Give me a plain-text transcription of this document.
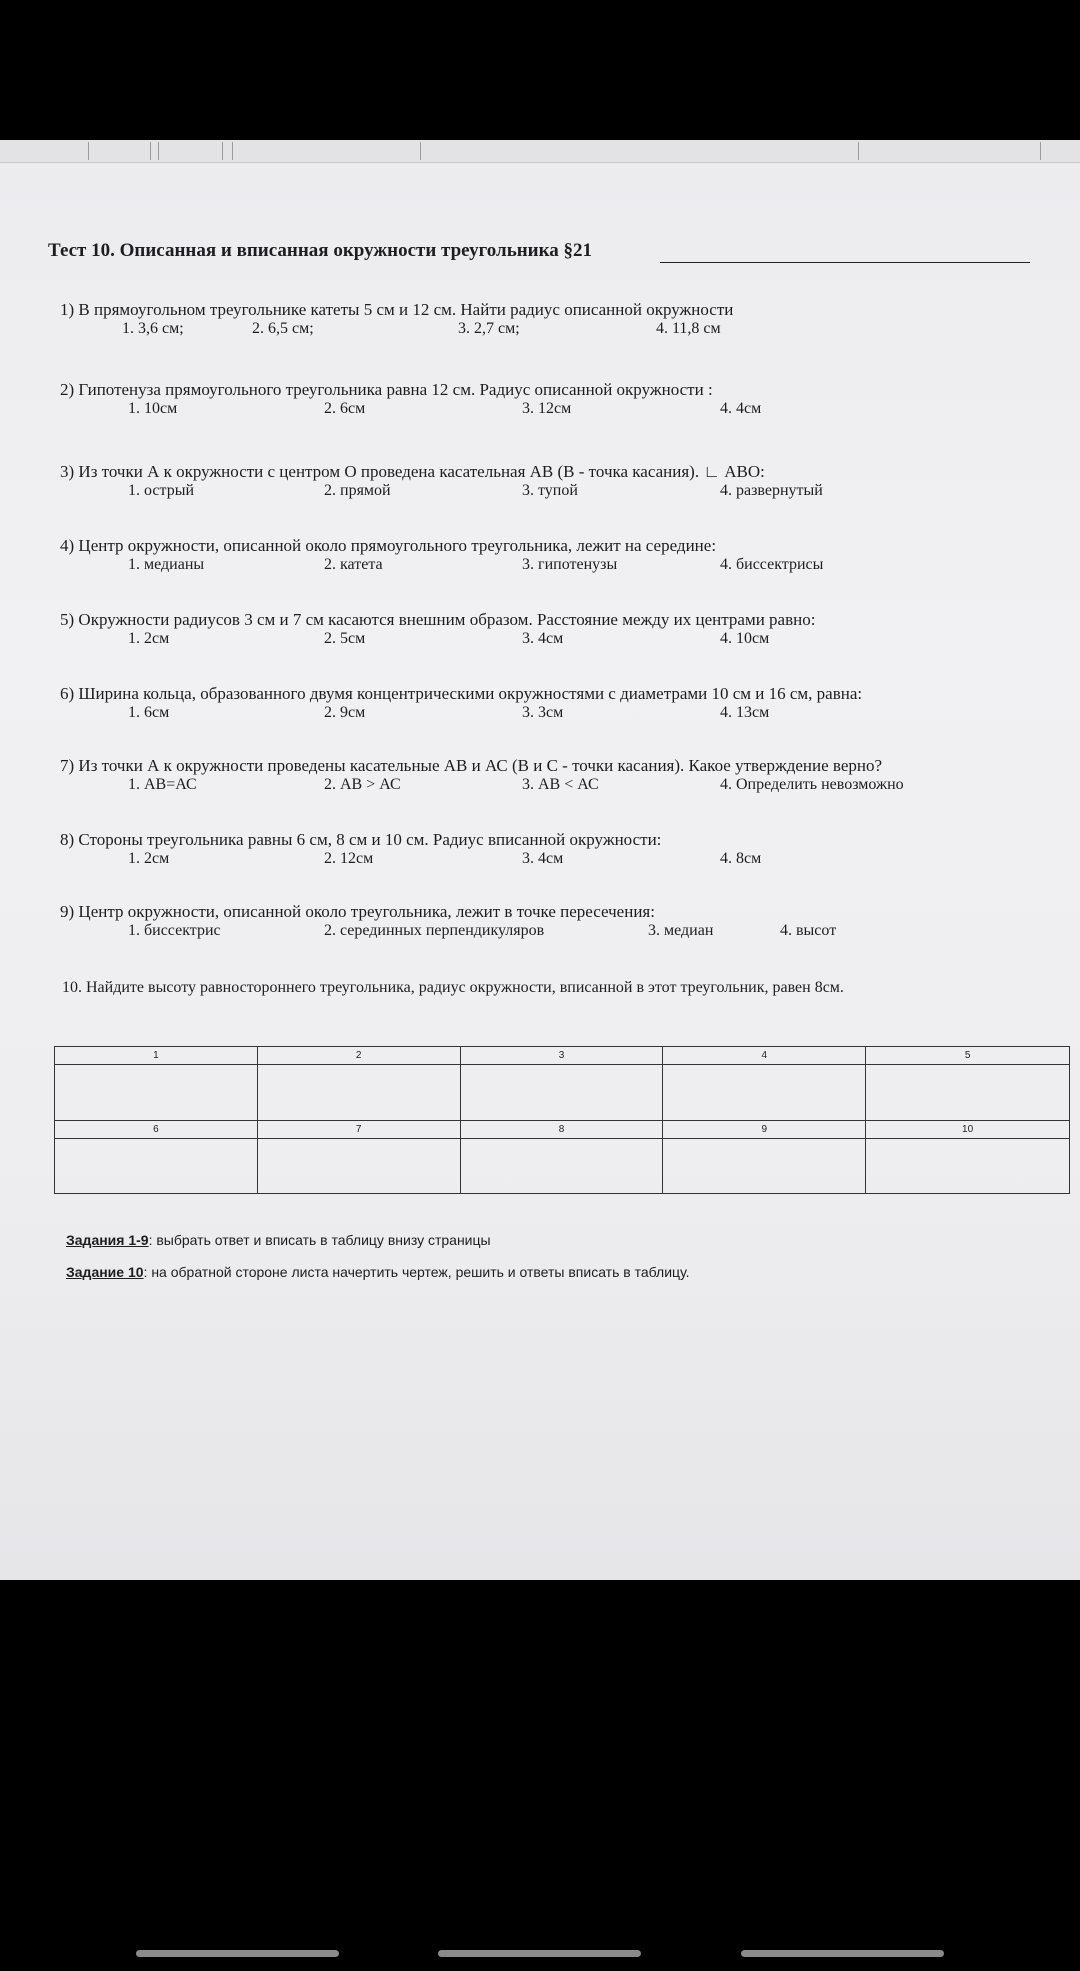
Тест 10. Описанная и вписанная окружности треугольника §21
1) В прямоугольном треугольнике катеты 5 см и 12 см. Найти радиус описанной окружности
1. 3,6 см;	2. 6,5 см;	3. 2,7 см;	4. 11,8 см
2) Гипотенуза прямоугольного треугольника равна 12 см. Радиус описанной окружности :
1. 10см	2. 6см	3. 12см	4. 4см
3) Из точки А к окружности с центром О проведена касательная АВ (В - точка касания). ∟ АВО:
1. острый	2. прямой	3. тупой	4. развернутый
4) Центр окружности, описанной около прямоугольного треугольника, лежит на середине:
1. медианы	2. катета	3. гипотенузы	4. биссектрисы
5) Окружности радиусов 3 см и 7 см касаются внешним образом. Расстояние между их центрами равно:
1. 2см	2. 5см	3. 4см	4. 10см
6) Ширина кольца, образованного двумя концентрическими окружностями с диаметрами 10 см и 16 см, равна:
1. 6см	2. 9см	3. 3см	4. 13см
7) Из точки А к окружности проведены касательные АВ и АС (В и С - точки касания). Какое утверждение верно?
1. АВ=АС	2. АВ > АС	3. АВ < АС	4. Определить невозможно
8) Стороны треугольника равны 6 см, 8 см и 10 см. Радиус вписанной окружности:
1. 2см	2. 12см	3. 4см	4. 8см
9) Центр окружности, описанной около треугольника, лежит в точке пересечения:
1. биссектрис	2. серединных перпендикуляров	3. медиан	4. высот
10. Найдите высоту равностороннего треугольника, радиус окружности, вписанной в этот треугольник, равен 8см.
1	2	3	4	5
6	7	8	9	10
Задания 1-9: выбрать ответ и вписать в таблицу внизу страницы
Задание 10: на обратной стороне листа начертить чертеж, решить и ответы вписать в таблицу.
